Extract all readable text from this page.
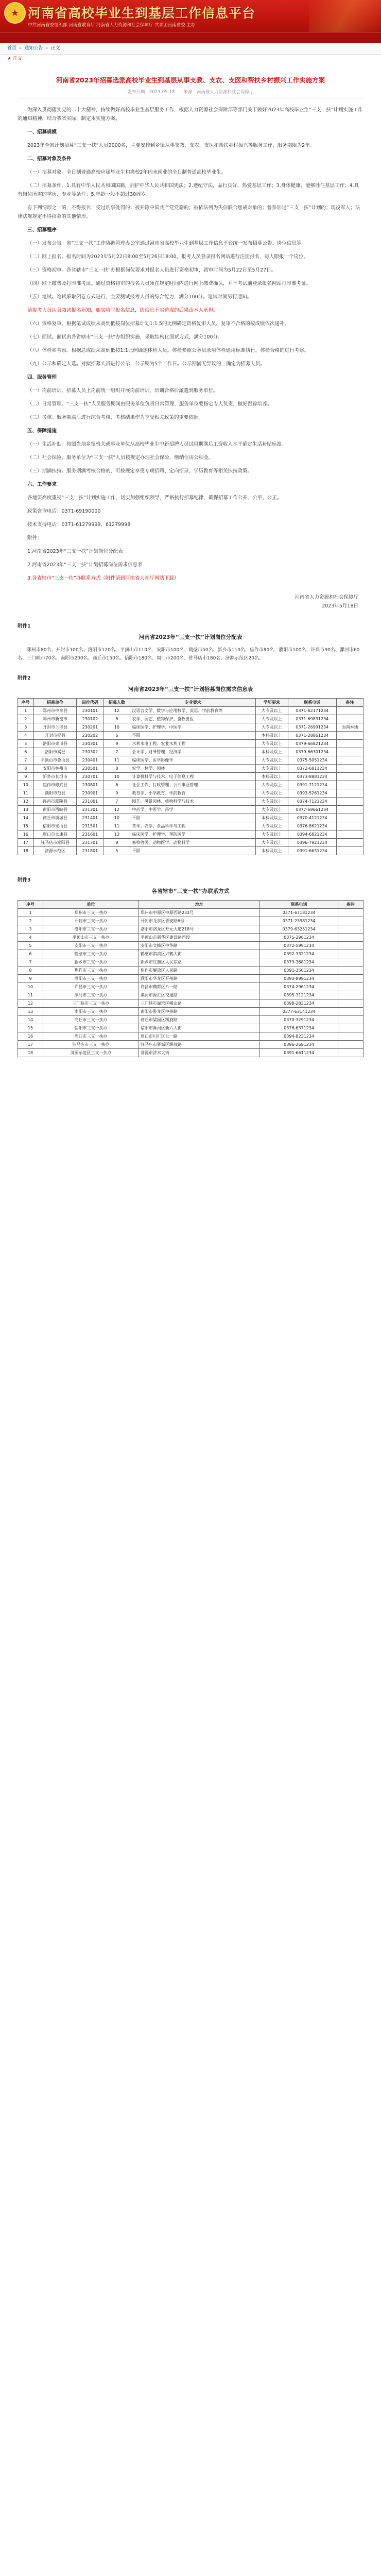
★ 河南省高校毕业生到基层工作信息平台
中共河南省委组织部 河南省教育厅 河南省人力资源和社会保障厅 共青团河南省委 主办
首页 » 通知公告 » 正文
★ 正文
河南省2023年招募选派高校毕业生到基层从事支教、支农、支医和帮扶乡村振兴工作实施方案
发布日期：2023-05-18　　来源：河南省人力资源和社会保障厅

为深入贯彻落实党的二十大精神，持续做好高校毕业生基层服务工作，根据人力资源社会保障部等部门关于做好2023年高校毕业生“三支一扶”计划实施工作的通知精神，结合我省实际，制定本实施方案。

一、招募规模

2023年全省计划招募“三支一扶”人员2000名，主要安排到乡镇从事支教、支农、支医和帮扶乡村振兴等服务工作，服务期限为2年。

二、招募对象及条件

（一）招募对象。全日制普通高校应届毕业生和离校2年内未就业的全日制普通高校毕业生。

（二）招募条件。1.具有中华人民共和国国籍，拥护中华人民共和国宪法；2.遵纪守法，品行良好，热爱基层工作；3.身体健康，能够胜任基层工作；4.具有岗位所需的学历、专业等条件；5.年龄一般不超过30周岁。

有下列情形之一的，不得报名：受过刑事处罚的；被开除中国共产党党籍的；被依法列为失信联合惩戒对象的；曾参加过“三支一扶”计划的；现役军人；法律法规规定不得招募的其他情形。

三、招募程序

（一）发布公告。省“三支一扶”工作协调管理办公室通过河南省高校毕业生到基层工作信息平台统一发布招募公告、岗位信息等。

（二）网上报名。报名时间为2023年5月22日8:00至5月26日18:00。报考人员登录报名网站进行注册报名，每人限报一个岗位。

（三）资格初审。各省辖市“三支一扶”办根据岗位要求对报名人员进行资格初审，初审时间为5月22日至5月27日。

（四）网上缴费及打印准考证。通过资格初审的报名人员须在规定时间内进行网上缴费确认，并于考试前登录报名网站打印准考证。

（五）笔试。笔试采取闭卷方式进行，主要测试报考人员的综合能力，满分100分。笔试时间另行通知。

请报考人员认真阅读报名须知，如实填写报名信息，因信息不实造成的后果由本人承担。

（六）资格复审。根据笔试成绩从高到低按岗位招募计划1:1.5的比例确定资格复审人员，复审不合格的按成绩依次递补。

（七）面试。面试由各省辖市“三支一扶”办组织实施，采取结构化面试方式，满分100分。

（八）体检和考察。根据总成绩从高到低按1:1比例确定体检人员。体检参照公务员录用体检通用标准执行，体检合格的进行考察。

（九）公示和确定人选。对拟招募人员进行公示，公示期为5个工作日。公示期满无异议的，确定为招募人员。

四、服务管理

（一）岗前培训。招募人员上岗前统一组织开展岗前培训，培训合格后派遣到服务单位。

（二）日常管理。“三支一扶”人员服务期间由服务单位负责日常管理，服务单位要指定专人负责，做好跟踪培养。

（三）考核。服务期满后进行综合考核，考核结果作为享受相关政策的重要依据。

五、保障措施

（一）生活补贴。按照当地乡镇机关或事业单位从高校毕业生中新招聘人员试用期满后工资收入水平确定生活补贴标准。

（二）社会保险。服务单位为“三支一扶”人员按规定办理社会保险，缴纳住房公积金。

（三）期满扶持。服务期满考核合格的，可按规定享受专项招聘、定向招录、学历教育等相关扶持政策。

六、工作要求

各地要高度重视“三支一扶”计划实施工作，切实加强组织领导，严格执行招募纪律，确保招募工作公开、公平、公正。

政策咨询电话：0371-69190000

技术支持电话：0371-61279999、61279998

附件：

1.河南省2023年“三支一扶”计划岗位分配表

2.河南省2023年“三支一扶”计划招募岗位需求信息表

3.各省辖市“三支一扶”办联系方式（附件请到河南省人社厅网站下载）

河南省人力资源和社会保障厅
2023年5月18日
附件1
河南省2023年“三支一扶”计划岗位分配表
郑州市80名、开封市100名、洛阳市120名、平顶山市110名、安阳市100名、鹤壁市50名、新乡市110名、焦作市80名、濮阳市100名、许昌市90名、漯河市60名、三门峡市70名、南阳市200名、商丘市150名、信阳市180名、周口市200名、驻马店市180名、济源示范区20名。
附件2
河南省2023年“三支一扶”计划招募岗位需求信息表
序号	招募单位	岗位代码	招募人数	专业要求	学历要求	联系电话	备注
1	郑州市中牟县	230101	12	汉语言文学、数学与应用数学、英语、学前教育等	大专及以上	0371-62171234	
2	郑州市新密市	230102	8	农学、园艺、植物保护、畜牧兽医	大专及以上	0371-69831234	
3	开封市兰考县	230201	10	临床医学、护理学、中医学	大专及以上	0371-26991234	面向本地
4	开封市杞县	230202	6	不限	本科及以上	0371-28861234	
5	洛阳市栾川县	230301	9	水利水电工程、农业水利工程	大专及以上	0379-66821234	
6	洛阳市嵩县	230302	7	会计学、财务管理、经济学	本科及以上	0379-66301234	
7	平顶山市鲁山县	230401	11	临床医学、医学影像学	大专及以上	0375-5051234	
8	安阳市林州市	230501	8	农学、林学、园林	大专及以上	0372-6811234	
9	新乡市长垣市	230701	10	计算机科学与技术、电子信息工程	本科及以上	0373-8881234	
10	焦作市修武县	230801	6	社会工作、行政管理、公共事业管理	大专及以上	0391-7121234	
11	濮阳市范县	230901	9	教育学、小学教育、学前教育	大专及以上	0393-5261234	
12	许昌市鄢陵县	231001	7	园艺、风景园林、植物科学与技术	大专及以上	0374-7121234	
13	南阳市西峡县	231301	12	中药学、中医学、药学	大专及以上	0377-69661234	
14	商丘市虞城县	231401	10	不限	本科及以上	0370-4121234	
15	信阳市光山县	231501	11	茶学、农学、食品科学与工程	大专及以上	0376-8621234	
16	周口市太康县	231601	13	临床医学、护理学、预防医学	大专及以上	0394-6821234	
17	驻马店市泌阳县	231701	9	畜牧兽医、动物医学、动物科学	大专及以上	0396-7921234	
18	济源示范区	231801	5	不限	本科及以上	0391-6631234	
附件3
各省辖市“三支一扶”办联系方式
序号	单位	地址	联系电话	备注
1	郑州市三支一扶办	郑州市中原区中原西路233号	0371-67181234	
2	开封市三支一扶办	开封市龙亭区晋安路6号	0371-23981234	
3	洛阳市三支一扶办	洛阳市洛龙区开元大道218号	0379-63251234	
4	平顶山市三支一扶办	平顶山市新华区建设路西段	0375-2961234	
5	安阳市三支一扶办	安阳市文峰区中华路	0372-5991234	
6	鹤壁市三支一扶办	鹤壁市淇滨区兴鹤大街	0392-3321234	
7	新乡市三支一扶办	新乡市红旗区人民东路	0373-3681234	
8	焦作市三支一扶办	焦作市解放区人民路	0391-3561234	
9	濮阳市三支一扶办	濮阳市华龙区开州路	0393-8991234	
10	许昌市三支一扶办	许昌市魏都区八一路	0374-2961234	
11	漯河市三支一扶办	漯河市源汇区交通路	0395-3121234	
12	三门峡市三支一扶办	三门峡市湖滨区崤山路	0398-2831234	
13	南阳市三支一扶办	南阳市卧龙区中州路	0377-63141234	
14	商丘市三支一扶办	商丘市梁园区凯旋路	0370-3291234	
15	信阳市三支一扶办	信阳市浉河区新六大街	0376-6371234	
16	周口市三支一扶办	周口市川汇区七一路	0394-8231234	
17	驻马店市三支一扶办	驻马店市驿城区解放路	0396-2691234	
18	济源示范区三支一扶办	济源市济水大街	0391-6611234	
